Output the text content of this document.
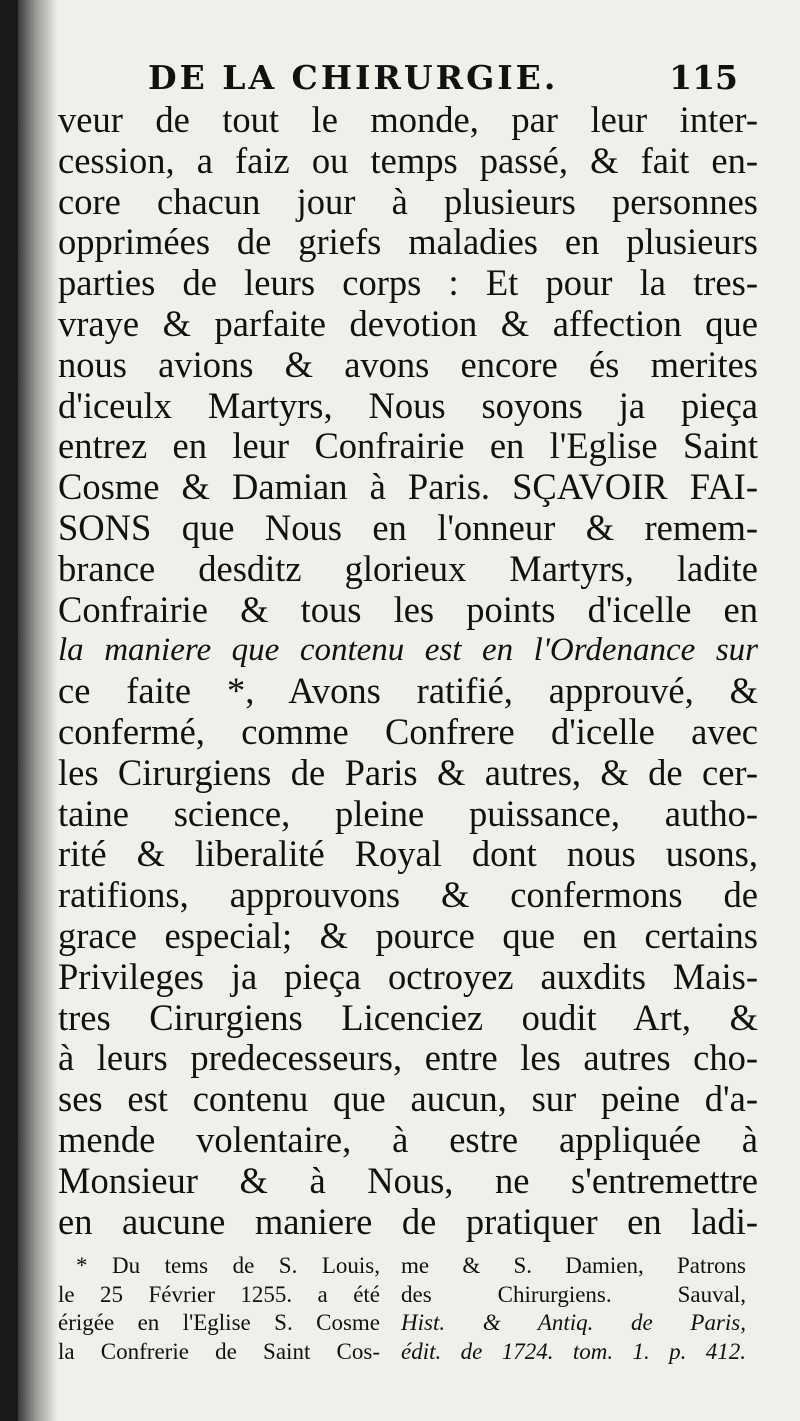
DE LA CHIRURGIE.	115
veur de tout le monde, par leur inter-
cession, a faiz ou temps passé, & fait en-
core chacun jour à plusieurs personnes
opprimées de griefs maladies en plusieurs
parties de leurs corps : Et pour la tres-
vraye & parfaite devotion & affection que
nous avions & avons encore és merites
d'iceulx Martyrs, Nous soyons ja pieça
entrez en leur Confrairie en l'Eglise Saint
Cosme & Damian à Paris. SÇAVOIR FAI-
SONS que Nous en l'onneur & remem-
brance desditz glorieux Martyrs, ladite
Confrairie & tous les points d'icelle en
la maniere que contenu est en l'Ordenance sur
ce faite *, Avons ratifié, approuvé, &
confermé, comme Confrere d'icelle avec
les Cirurgiens de Paris & autres, & de cer-
taine science, pleine puissance, autho-
rité & liberalité Royal dont nous usons,
ratifions, approuvons & confermons de
grace especial; & pource que en certains
Privileges ja pieça octroyez auxdits Mais-
tres Cirurgiens Licenciez oudit Art, &
à leurs predecesseurs, entre les autres cho-
ses est contenu que aucun, sur peine d'a-
mende volentaire, à estre appliquée à
Monsieur & à Nous, ne s'entremettre
en aucune maniere de pratiquer en ladi-
* Du tems de S. Louis,
le 25 Février 1255. a été
érigée en l'Eglise S. Cosme
la Confrerie de Saint Cos-
me & S. Damien, Patrons
des Chirurgiens. Sauval,
Hist. & Antiq. de Paris,
édit. de 1724. tom. 1. p. 412.
